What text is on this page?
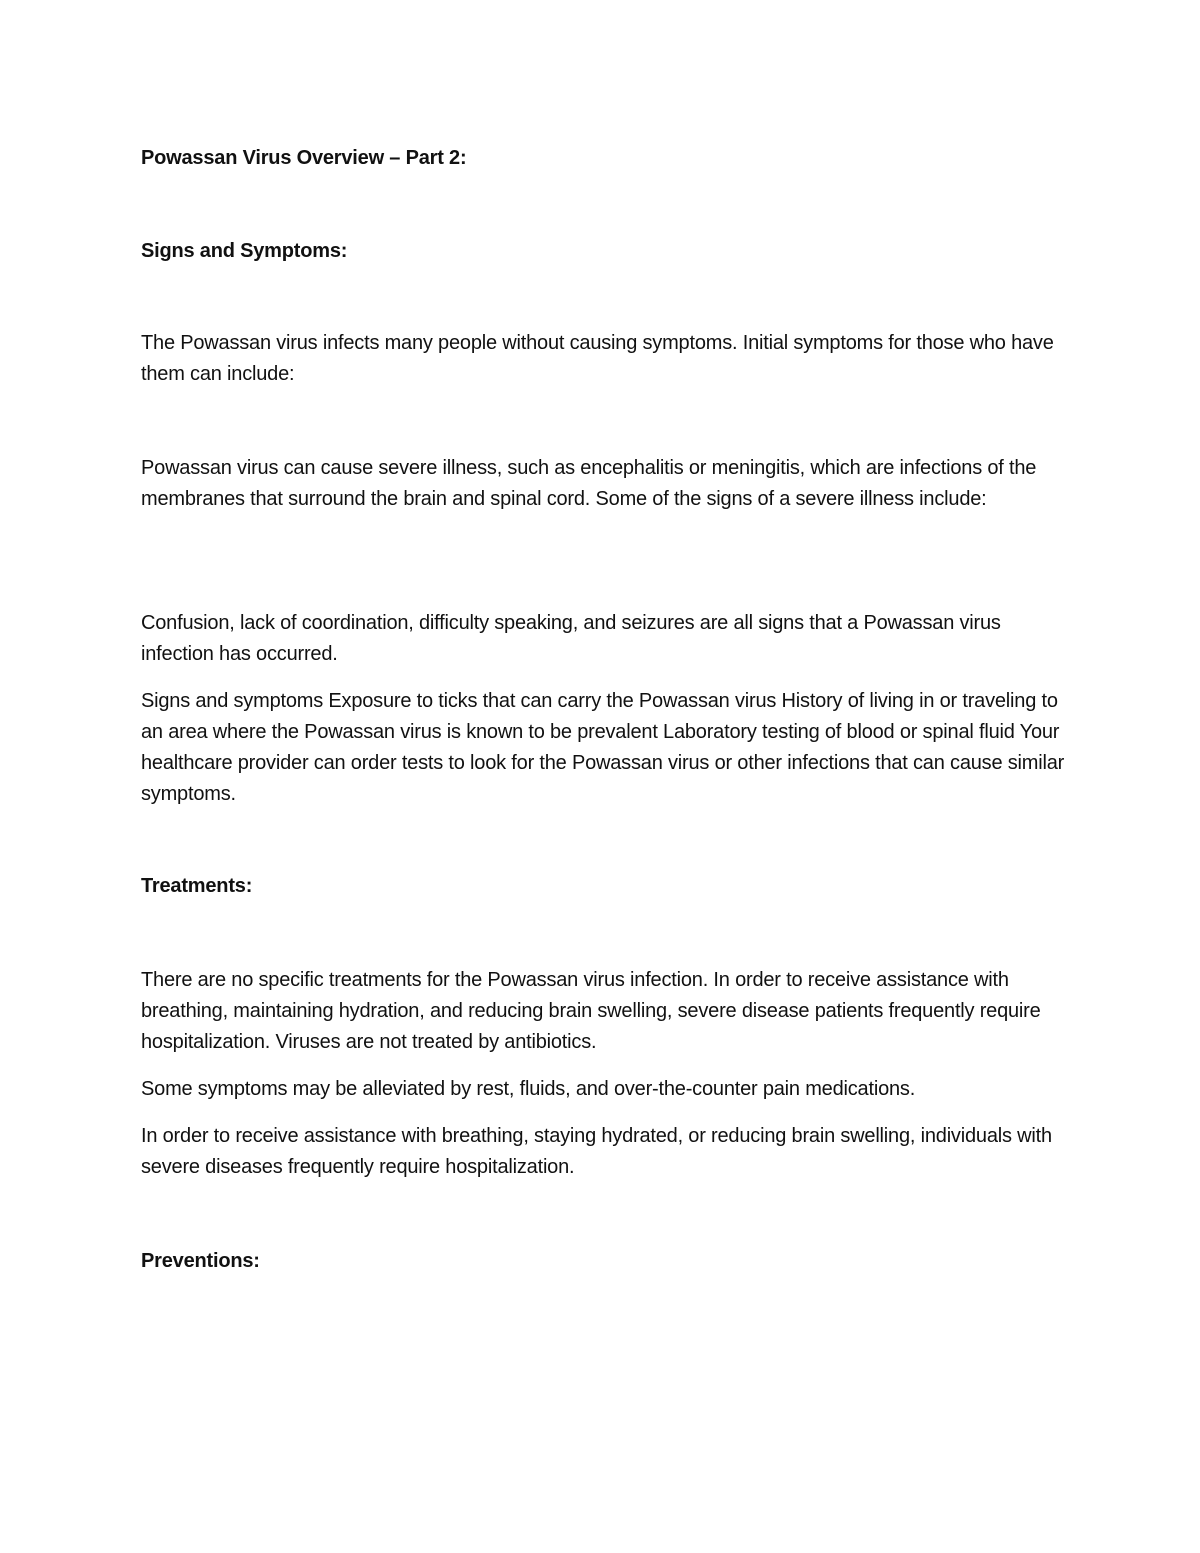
Powassan Virus Overview – Part 2:

Signs and Symptoms:

The Powassan virus infects many people without causing symptoms. Initial symptoms for those who have them can include:

Powassan virus can cause severe illness, such as encephalitis or meningitis, which are infections of the membranes that surround the brain and spinal cord. Some of the signs of a severe illness include:

Confusion, lack of coordination, difficulty speaking, and seizures are all signs that a Powassan virus infection has occurred.

Signs and symptoms Exposure to ticks that can carry the Powassan virus History of living in or traveling to an area where the Powassan virus is known to be prevalent Laboratory testing of blood or spinal fluid Your healthcare provider can order tests to look for the Powassan virus or other infections that can cause similar symptoms.

Treatments:

There are no specific treatments for the Powassan virus infection. In order to receive assistance with breathing, maintaining hydration, and reducing brain swelling, severe disease patients frequently require hospitalization. Viruses are not treated by antibiotics.

Some symptoms may be alleviated by rest, fluids, and over-the-counter pain medications.

In order to receive assistance with breathing, staying hydrated, or reducing brain swelling, individuals with severe diseases frequently require hospitalization.

Preventions:
